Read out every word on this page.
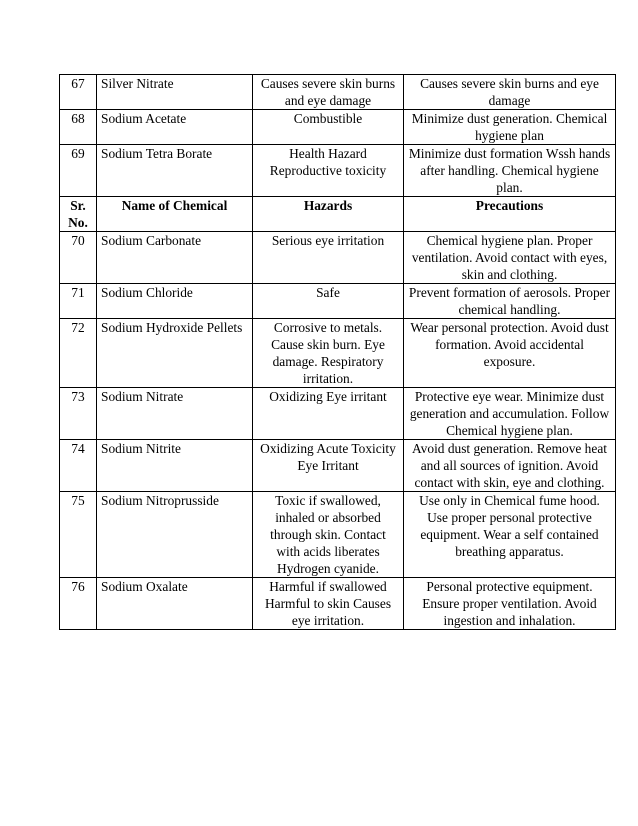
67	Silver Nitrate	Causes severe skin burns and eye damage	Causes severe skin burns and eye damage
68	Sodium Acetate	Combustible	Minimize dust generation. Chemical hygiene plan
69	Sodium Tetra Borate	Health Hazard Reproductive toxicity	Minimize dust formation Wssh hands after handling. Chemical hygiene plan.
Sr. No.	Name of Chemical	Hazards	Precautions
70	Sodium Carbonate	Serious eye irritation	Chemical hygiene plan. Proper ventilation. Avoid contact with eyes, skin and clothing.
71	Sodium Chloride	Safe	Prevent formation of aerosols. Proper chemical handling.
72	Sodium Hydroxide Pellets	Corrosive to metals. Cause skin burn. Eye damage. Respiratory irritation.	Wear personal protection. Avoid dust formation. Avoid accidental exposure.
73	Sodium Nitrate	Oxidizing Eye irritant	Protective eye wear. Minimize dust generation and accumulation. Follow Chemical hygiene plan.
74	Sodium Nitrite	Oxidizing Acute Toxicity Eye Irritant	Avoid dust generation. Remove heat and all sources of ignition. Avoid contact with skin, eye and clothing.
75	Sodium Nitroprusside	Toxic if swallowed, inhaled or absorbed through skin. Contact with acids liberates Hydrogen cyanide.	Use only in Chemical fume hood. Use proper personal protective equipment. Wear a self contained breathing apparatus.
76	Sodium Oxalate	Harmful if swallowed Harmful to skin Causes eye irritation.	Personal protective equipment. Ensure proper ventilation. Avoid ingestion and inhalation.
